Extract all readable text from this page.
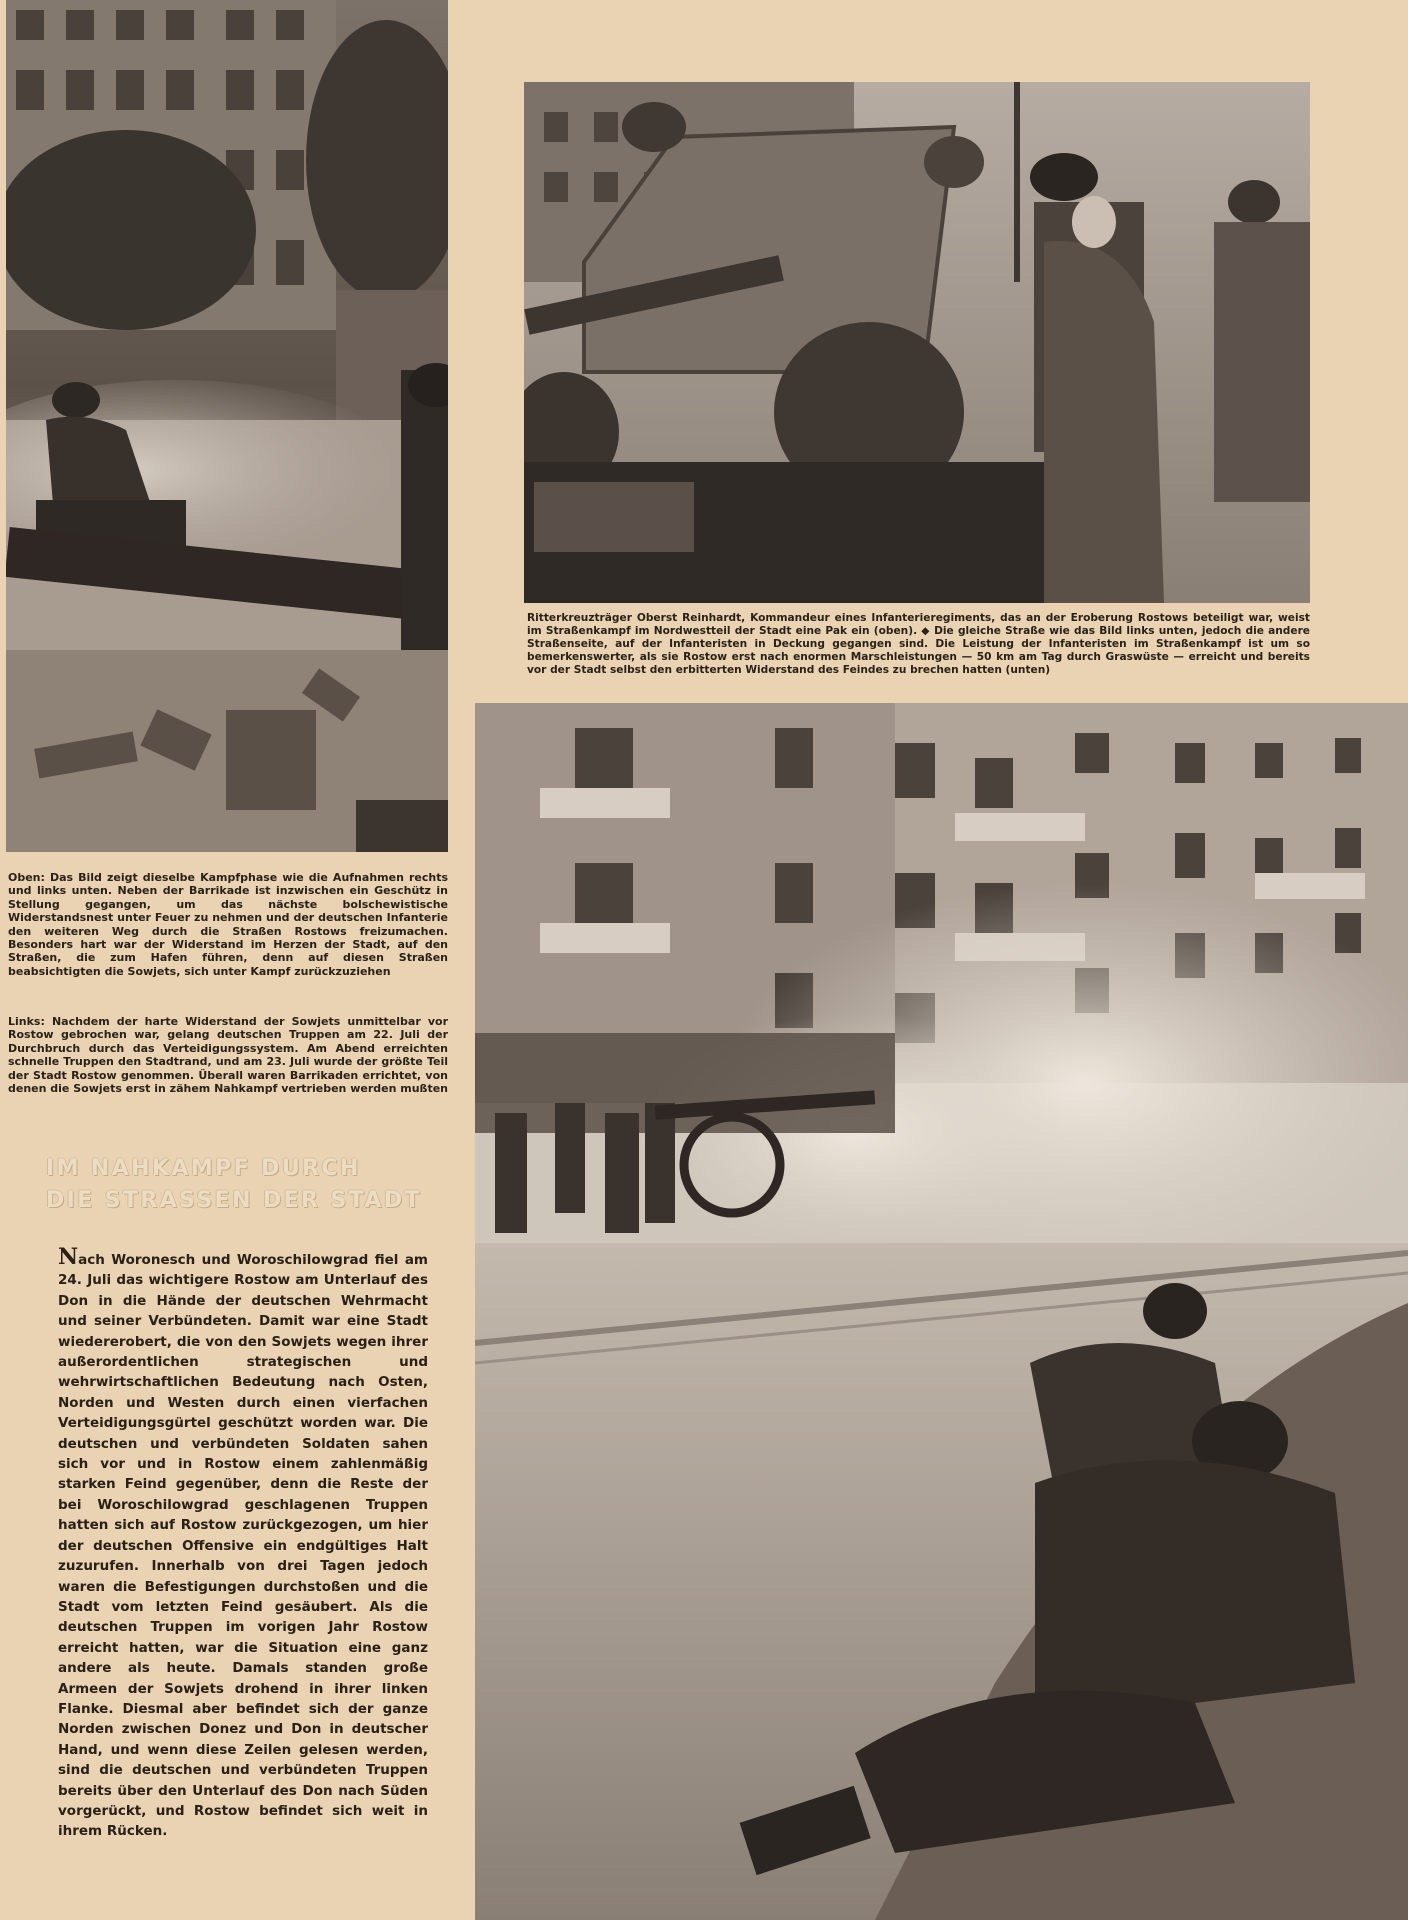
Ritterkreuzträger Oberst Reinhardt, Kommandeur eines Infanterieregiments, das an der Eroberung Rostows beteiligt war, weist im Straßenkampf im Nordwestteil der Stadt eine Pak ein (oben). ◆ Die gleiche Straße wie das Bild links unten, jedoch die andere Straßenseite, auf der Infanteristen in Deckung gegangen sind. Die Leistung der Infanteristen im Straßenkampf ist um so bemerkenswerter, als sie Rostow erst nach enormen Marschleistungen — 50 km am Tag durch Graswüste — erreicht und bereits vor der Stadt selbst den erbitterten Widerstand des Feindes zu brechen hatten (unten)

Oben: Das Bild zeigt dieselbe Kampfphase wie die Aufnahmen rechts und links unten. Neben der Barrikade ist inzwischen ein Geschütz in Stellung gegangen, um das nächste bolschewistische Widerstandsnest unter Feuer zu nehmen und der deutschen Infanterie den weiteren Weg durch die Straßen Rostows freizumachen. Besonders hart war der Widerstand im Herzen der Stadt, auf den Straßen, die zum Hafen führen, denn auf diesen Straßen beabsichtigten die Sowjets, sich unter Kampf zurückzuziehen

Links: Nachdem der harte Widerstand der Sowjets unmittelbar vor Rostow gebrochen war, gelang deutschen Truppen am 22. Juli der Durchbruch durch das Verteidigungssystem. Am Abend erreichten schnelle Truppen den Stadtrand, und am 23. Juli wurde der größte Teil der Stadt Rostow genommen. Überall waren Barrikaden errichtet, von denen die Sowjets erst in zähem Nahkampf vertrieben werden mußten

IM NAHKAMPF DURCH
DIE STRASSEN DER STADT

Nach Woronesch und Woroschilowgrad fiel am 24. Juli das wichtigere Rostow am Unterlauf des Don in die Hände der deutschen Wehrmacht und seiner Verbündeten. Damit war eine Stadt wiedererobert, die von den Sowjets wegen ihrer außerordentlichen strategischen und wehrwirtschaftlichen Bedeutung nach Osten, Norden und Westen durch einen vierfachen Verteidigungsgürtel geschützt worden war. Die deutschen und verbündeten Soldaten sahen sich vor und in Rostow einem zahlenmäßig starken Feind gegenüber, denn die Reste der bei Woroschilowgrad geschlagenen Truppen hatten sich auf Rostow zurückgezogen, um hier der deutschen Offensive ein endgültiges Halt zuzurufen. Innerhalb von drei Tagen jedoch waren die Befestigungen durchstoßen und die Stadt vom letzten Feind gesäubert. Als die deutschen Truppen im vorigen Jahr Rostow erreicht hatten, war die Situation eine ganz andere als heute. Damals standen große Armeen der Sowjets drohend in ihrer linken Flanke. Diesmal aber befindet sich der ganze Norden zwischen Donez und Don in deutscher Hand, und wenn diese Zeilen gelesen werden, sind die deutschen und verbündeten Truppen bereits über den Unterlauf des Don nach Süden vorgerückt, und Rostow befindet sich weit in ihrem Rücken.
